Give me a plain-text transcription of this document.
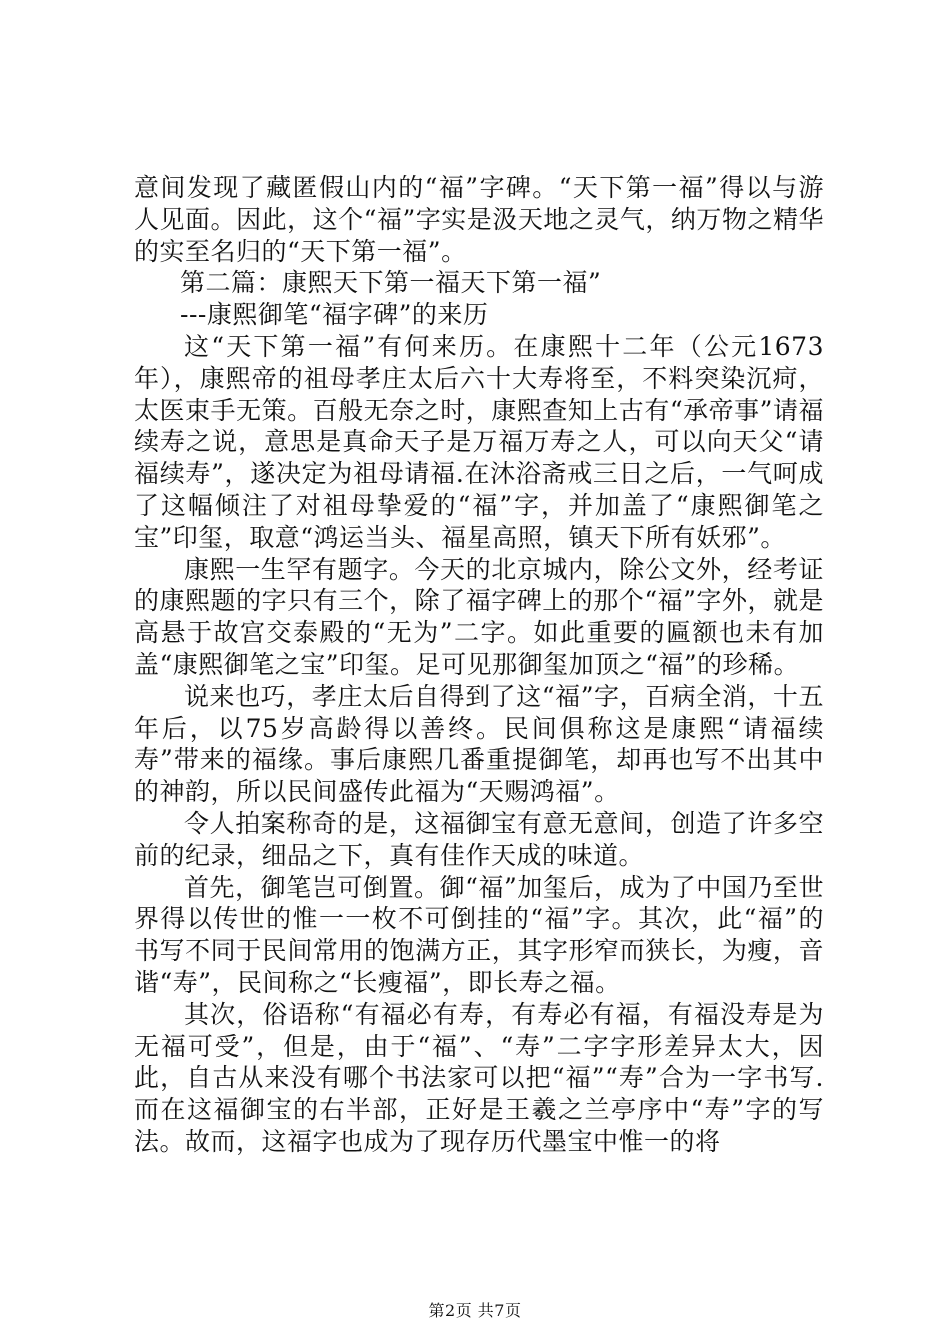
意间发现了藏匿假山内的“福”字碑。“天下第一福”得以与游人见面。因此，这个“福”字实是汲天地之灵气，纳万物之精华的实至名归的“天下第一福”。

第二篇：康熙天下第一福天下第一福”

---康熙御笔“福字碑”的来历

这“天下第一福”有何来历。在康熙十二年（公元1673年），康熙帝的祖母孝庄太后六十大寿将至，不料突染沉疴，太医束手无策。百般无奈之时，康熙查知上古有“承帝事”请福续寿之说，意思是真命天子是万福万寿之人，可以向天父“请福续寿”，遂决定为祖母请福.在沐浴斋戒三日之后，一气呵成了这幅倾注了对祖母挚爱的“福”字，并加盖了“康熙御笔之宝”印玺，取意“鸿运当头、福星高照，镇天下所有妖邪”。

康熙一生罕有题字。今天的北京城内，除公文外，经考证的康熙题的字只有三个，除了福字碑上的那个“福”字外，就是高悬于故宫交泰殿的“无为”二字。如此重要的匾额也未有加盖“康熙御笔之宝”印玺。足可见那御玺加顶之“福”的珍稀。

说来也巧，孝庄太后自得到了这“福”字，百病全消，十五年后，以75岁高龄得以善终。民间俱称这是康熙“请福续寿”带来的福缘。事后康熙几番重提御笔，却再也写不出其中的神韵，所以民间盛传此福为“天赐鸿福”。

令人拍案称奇的是，这福御宝有意无意间，创造了许多空前的纪录，细品之下，真有佳作天成的味道。

首先，御笔岂可倒置。御“福”加玺后，成为了中国乃至世界得以传世的惟一一枚不可倒挂的“福”字。其次，此“福”的书写不同于民间常用的饱满方正，其字形窄而狭长，为瘦，音谐“寿”，民间称之“长瘦福”，即长寿之福。

其次，俗语称“有福必有寿，有寿必有福，有福没寿是为无福可受”，但是，由于“福”、“寿”二字字形差异太大，因此，自古从来没有哪个书法家可以把“福”“寿”合为一字书写.而在这福御宝的右半部，正好是王羲之兰亭序中“寿”字的写法。故而，这福字也成为了现存历代墨宝中惟一的将

第2页 共7页
